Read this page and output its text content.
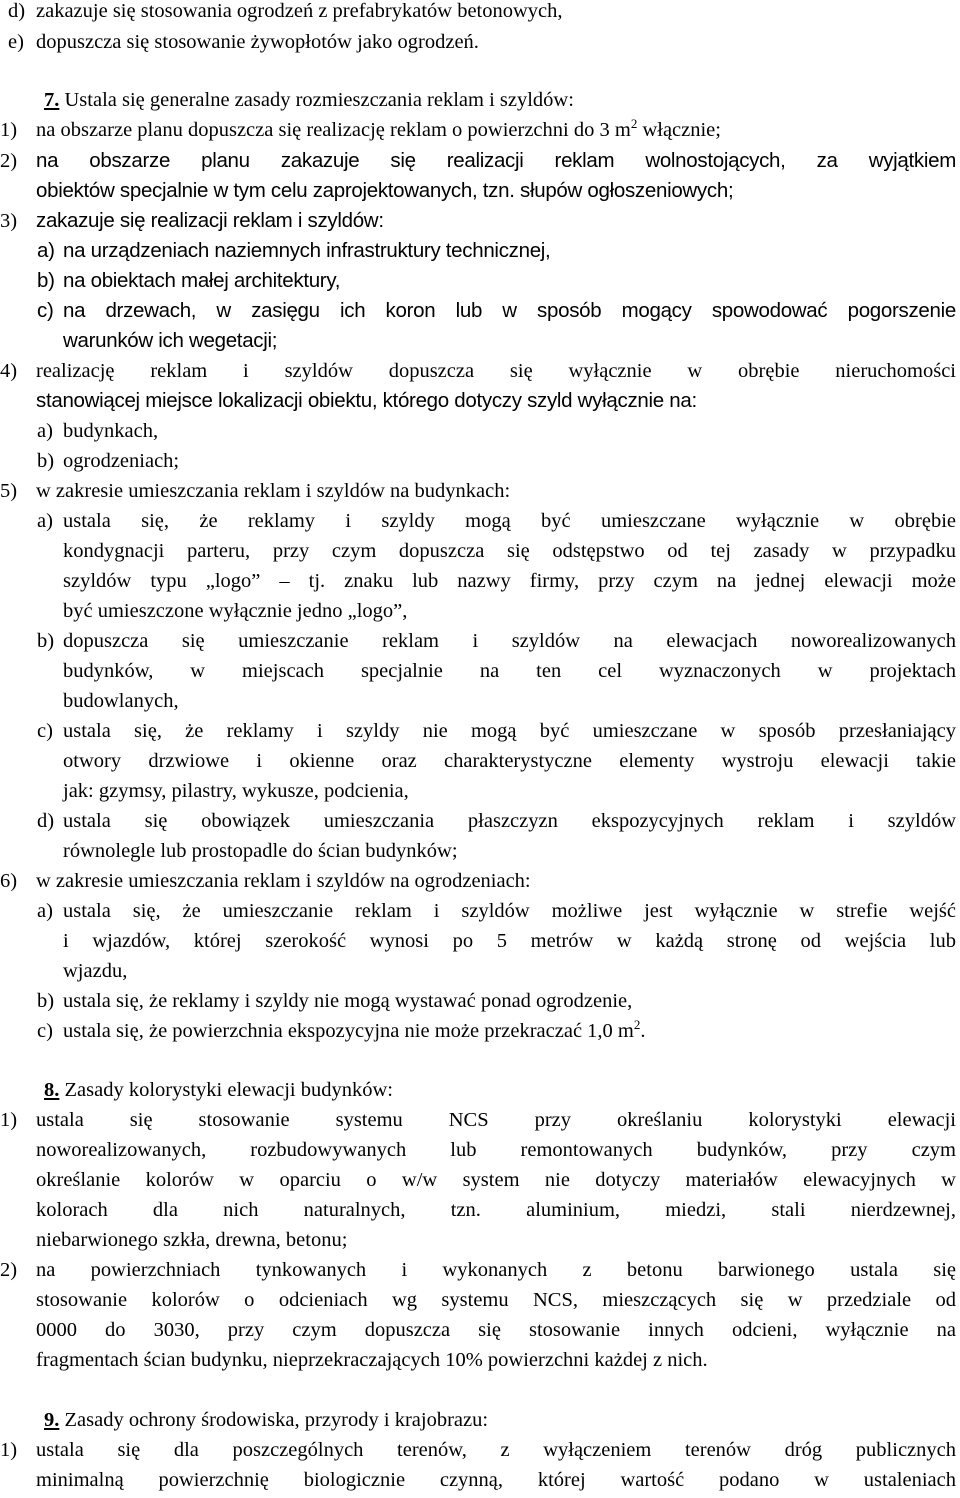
d) zakazuje się stosowania ogrodzeń z prefabrykatów betonowych,
e) dopuszcza się stosowanie żywopłotów jako ogrodzeń.
7. Ustala się generalne zasady rozmieszczania reklam i szyldów:
1) na obszarze planu dopuszcza się realizację reklam o powierzchni do 3 $m^2$ włącznie;
2) na obszarze planu zakazuje się realizacji reklam wolnostojących, za wyjątkiem
obiektów specjalnie w tym celu zaprojektowanych, tzn. słupów ogłoszeniowych;
3) zakazuje się realizacji reklam i szyldów:
a) na urządzeniach naziemnych infrastruktury technicznej,
b) na obiektach małej architektury,
c) na drzewach, w zasięgu ich koron lub w sposób mogący spowodować pogorszenie
warunków ich wegetacji;
4) realizację reklam i szyldów dopuszcza się wyłącznie w obrębie nieruchomości
stanowiącej miejsce lokalizacji obiektu, którego dotyczy szyld wyłącznie na:
a) budynkach,
b) ogrodzeniach;
5) w zakresie umieszczania reklam i szyldów na budynkach:
a) ustala się, że reklamy i szyldy mogą być umieszczane wyłącznie w obrębie
kondygnacji parteru, przy czym dopuszcza się odstępstwo od tej zasady w przypadku
szyldów typu „logo” – tj. znaku lub nazwy firmy, przy czym na jednej elewacji może
być umieszczone wyłącznie jedno „logo”,
b) dopuszcza się umieszczanie reklam i szyldów na elewacjach noworealizowanych
budynków, w miejscach specjalnie na ten cel wyznaczonych w projektach
budowlanych,
c) ustala się, że reklamy i szyldy nie mogą być umieszczane w sposób przesłaniający
otwory drzwiowe i okienne oraz charakterystyczne elementy wystroju elewacji takie
jak: gzymsy, pilastry, wykusze, podcienia,
d) ustala się obowiązek umieszczania płaszczyzn ekspozycyjnych reklam i szyldów
równolegle lub prostopadle do ścian budynków;
6) w zakresie umieszczania reklam i szyldów na ogrodzeniach:
a) ustala się, że umieszczanie reklam i szyldów możliwe jest wyłącznie w strefie wejść
i wjazdów, której szerokość wynosi po 5 metrów w każdą stronę od wejścia lub
wjazdu,
b) ustala się, że reklamy i szyldy nie mogą wystawać ponad ogrodzenie,
c) ustala się, że powierzchnia ekspozycyjna nie może przekraczać 1,0 $m^2$.
8. Zasady kolorystyki elewacji budynków:
1) ustala się stosowanie systemu NCS przy określaniu kolorystyki elewacji
noworealizowanych, rozbudowywanych lub remontowanych budynków, przy czym
określanie kolorów w oparciu o w/w system nie dotyczy materiałów elewacyjnych w
kolorach dla nich naturalnych, tzn. aluminium, miedzi, stali nierdzewnej,
niebarwionego szkła, drewna, betonu;
2) na powierzchniach tynkowanych i wykonanych z betonu barwionego ustala się
stosowanie kolorów o odcieniach wg systemu NCS, mieszczących się w przedziale od
0000 do 3030, przy czym dopuszcza się stosowanie innych odcieni, wyłącznie na
fragmentach ścian budynku, nieprzekraczających 10% powierzchni każdej z nich.
9. Zasady ochrony środowiska, przyrody i krajobrazu:
1) ustala się dla poszczególnych terenów, z wyłączeniem terenów dróg publicznych
minimalną powierzchnię biologicznie czynną, której wartość podano w ustaleniach
